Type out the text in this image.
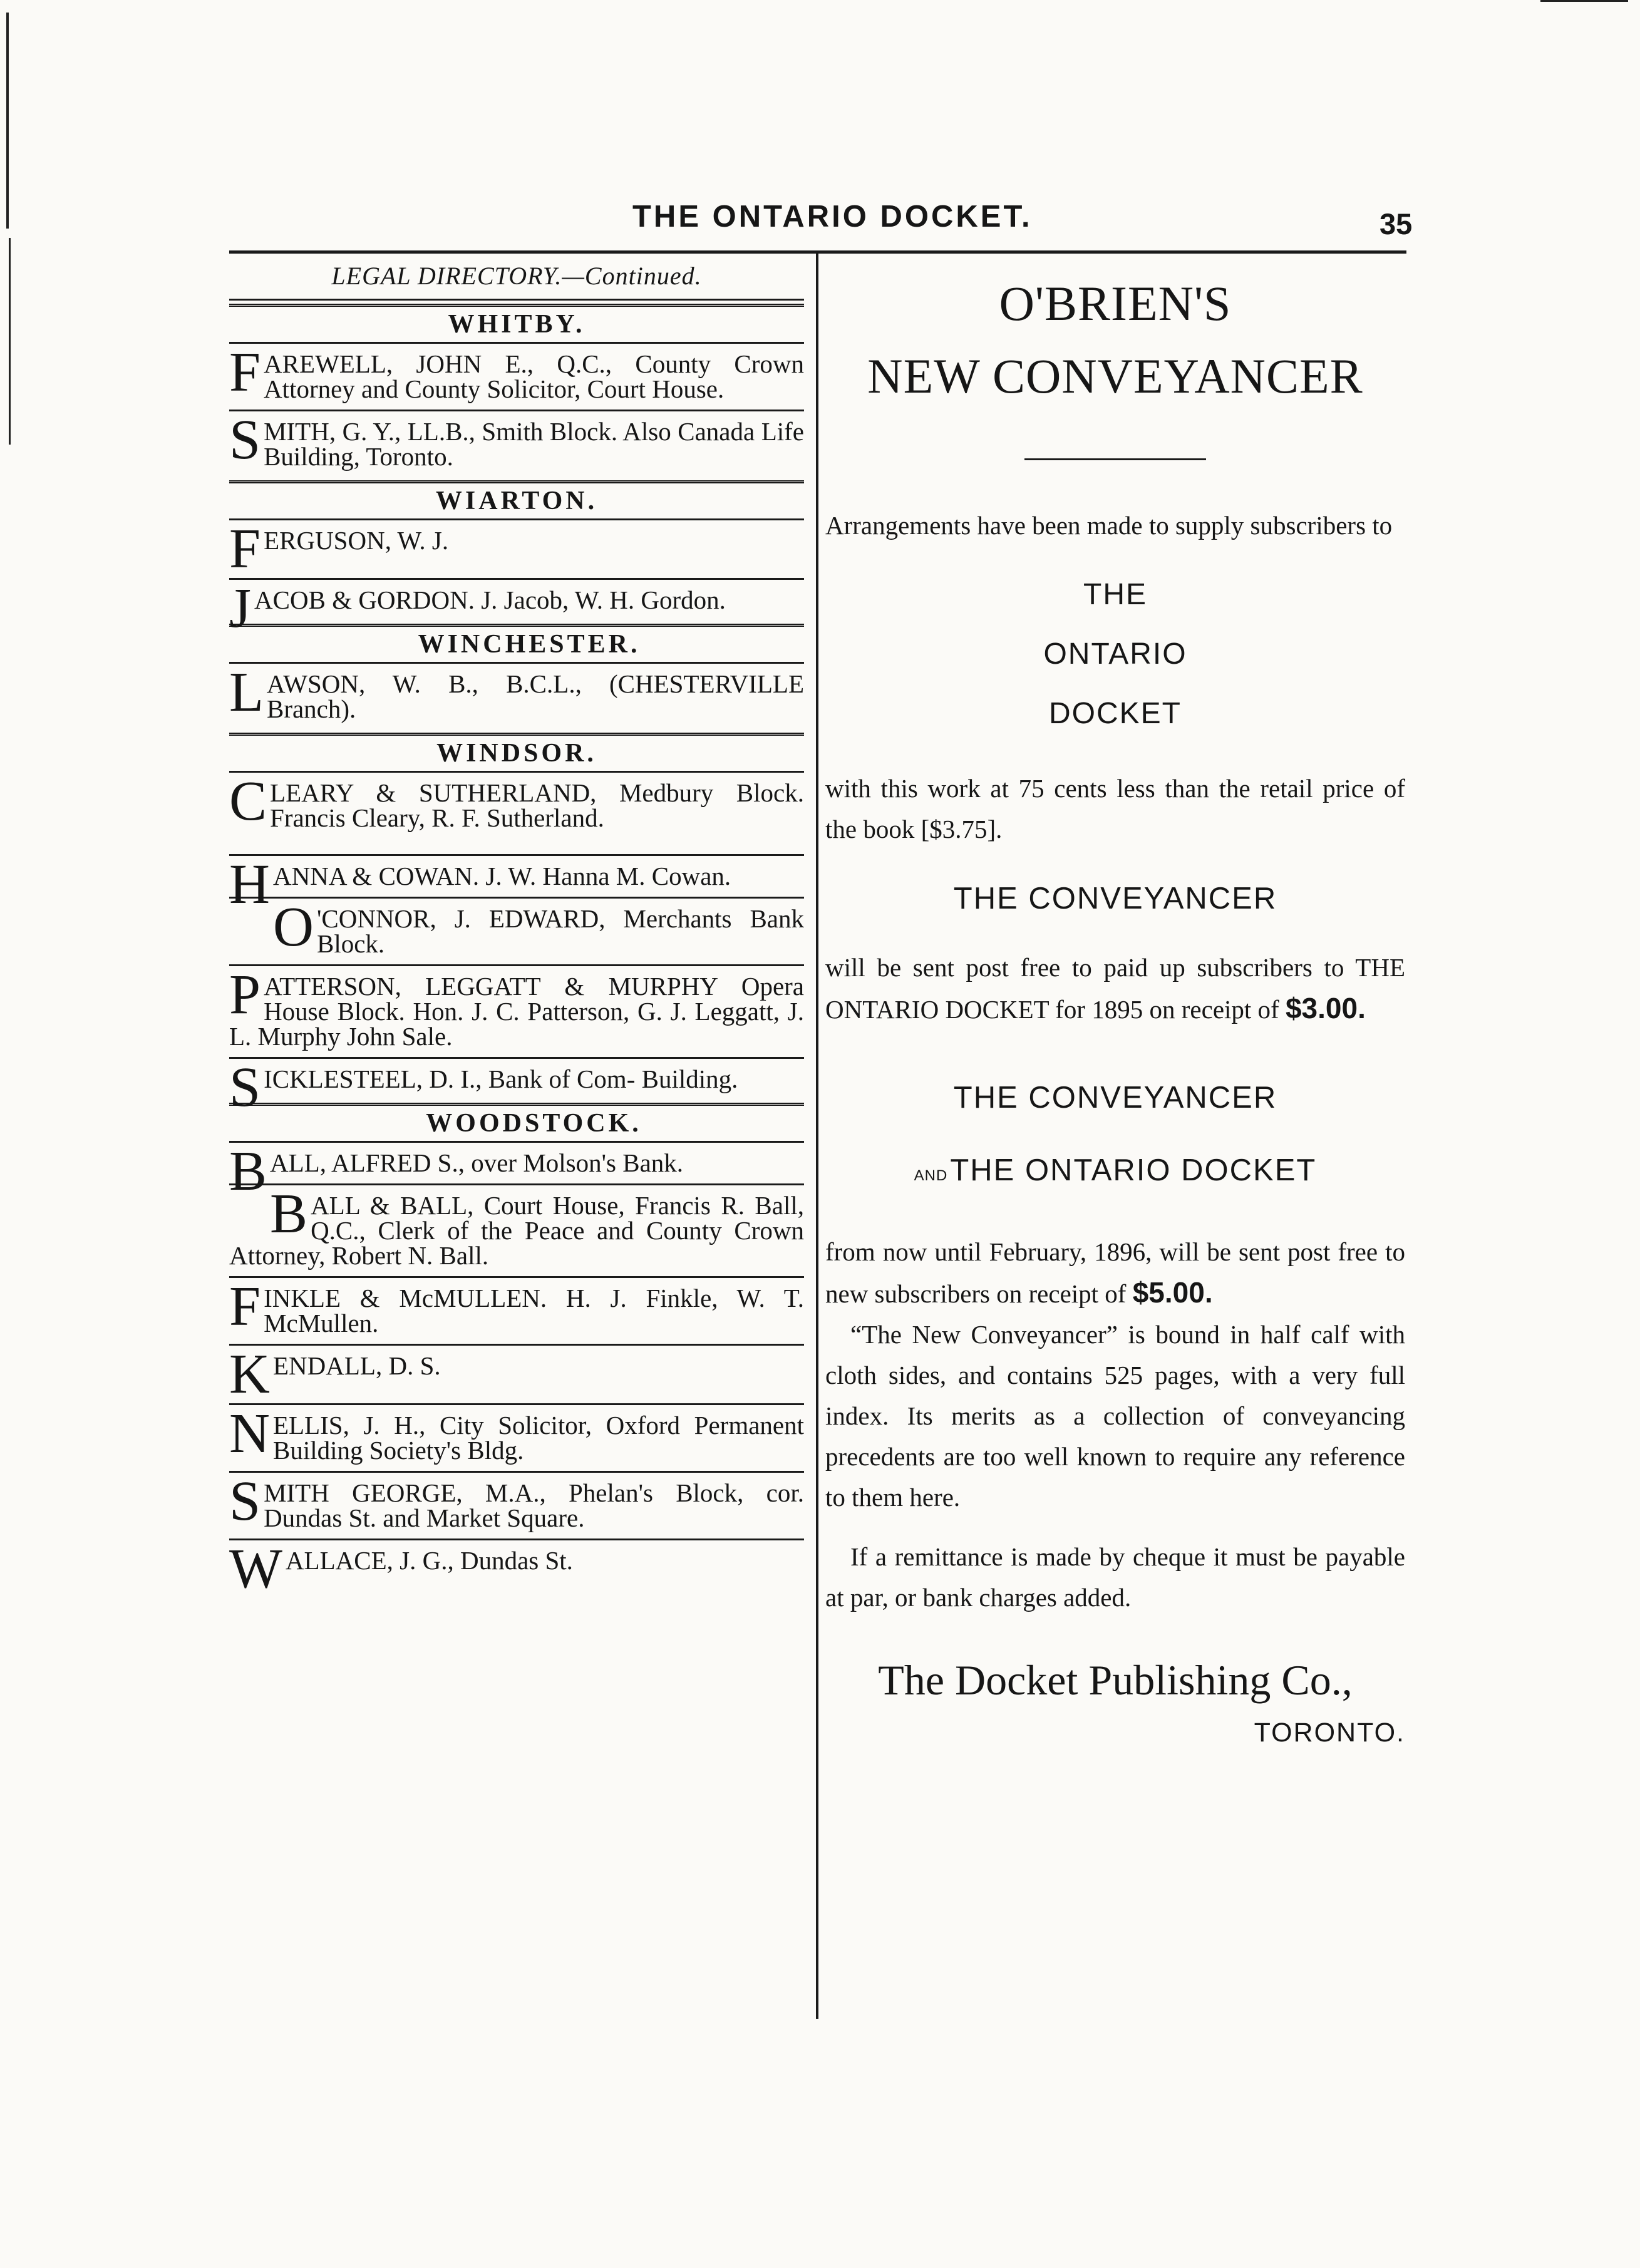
THE ONTARIO DOCKET.	35
LEGAL DIRECTORY.—Continued.
WHITBY.
FAREWELL, JOHN E., Q.C., County Crown Attorney and County Solicitor, Court House.
SMITH, G. Y., LL.B., Smith Block. Also Canada Life Building, Toronto.
WIARTON.
FERGUSON, W. J.
JACOB & GORDON. J. Jacob, W. H. Gordon.
WINCHESTER.
LAWSON, W. B., B.C.L., (CHESTERVILLE Branch).
WINDSOR.
CLEARY & SUTHERLAND, Medbury Block. Francis Cleary, R. F. Sutherland.
HANNA & COWAN. J. W. Hanna M. Cowan.
O 'CONNOR, J. EDWARD, Merchants Bank Block.
PATTERSON, LEGGATT & MURPHY Opera House Block. Hon. J. C. Patterson, G. J. Leggatt, J. L. Murphy John Sale.
SICKLESTEEL, D. I., Bank of Com- Building.
WOODSTOCK.
BALL, ALFRED S., over Molson's Bank.
BALL & BALL, Court House, Francis R. Ball, Q.C., Clerk of the Peace and County Crown Attorney, Robert N. Ball.
FINKLE & McMULLEN. H. J. Finkle, W. T. McMullen.
KENDALL, D. S.
NELLIS, J. H., City Solicitor, Oxford Permanent Building Society's Bldg.
SMITH GEORGE, M.A., Phelan's Block, cor. Dundas St. and Market Square.
WALLACE, J. G., Dundas St.
O'BRIEN'S
NEW CONVEYANCER
Arrangements have been made to supply subscribers to
THE
ONTARIO
DOCKET
with this work at 75 cents less than the retail price of the book [$3.75].
THE CONVEYANCER
will be sent post free to paid up subscribers to THE ONTARIO DOCKET for 1895 on receipt of $3.00.
THE CONVEYANCER
AND THE ONTARIO DOCKET
from now until February, 1896, will be sent post free to new subscribers on receipt of $5.00.
“The New Conveyancer” is bound in half calf with cloth sides, and contains 525 pages, with a very full index. Its merits as a collection of conveyancing precedents are too well known to require any reference to them here.
If a remittance is made by cheque it must be payable at par, or bank charges added.
The Docket Publishing Co.,
TORONTO.
